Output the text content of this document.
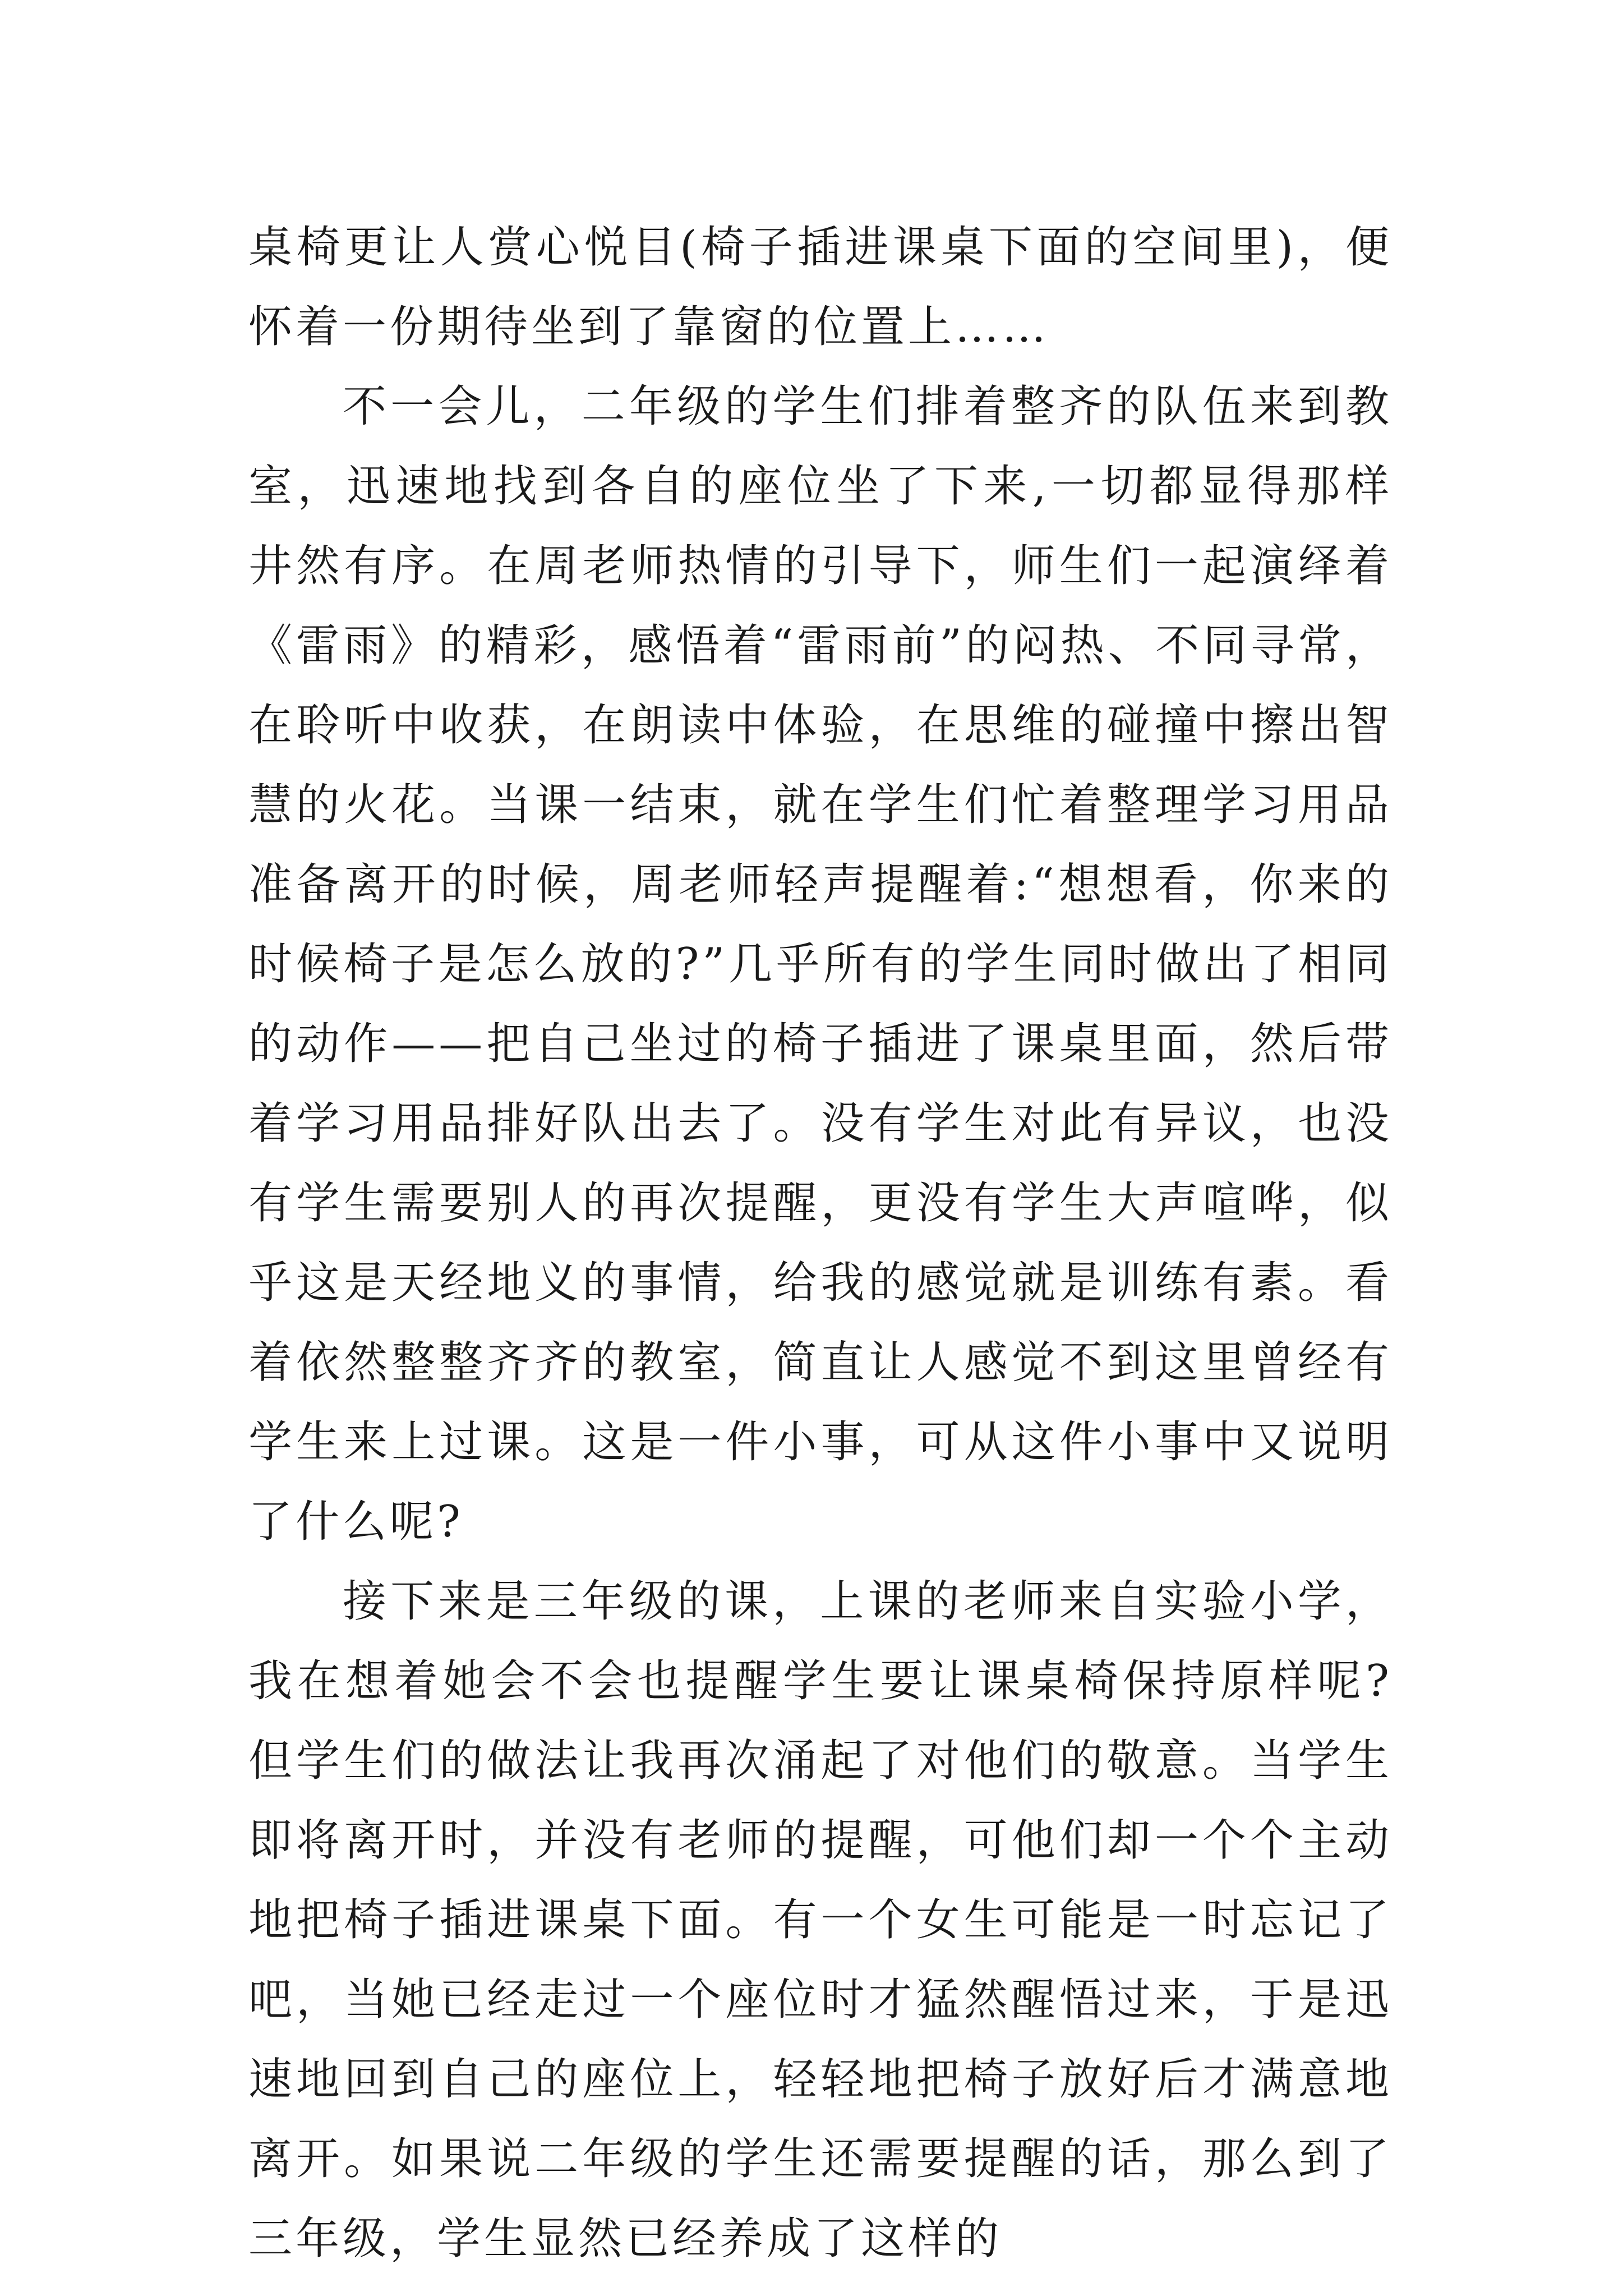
桌椅更让人赏心悦目(椅子插进课桌下面的空间里)，便怀着一份期待坐到了靠窗的位置上……

不一会儿，二年级的学生们排着整齐的队伍来到教室，迅速地找到各自的座位坐了下来,一切都显得那样井然有序。在周老师热情的引导下，师生们一起演绎着《雷雨》的精彩，感悟着“雷雨前”的闷热、不同寻常，在聆听中收获，在朗读中体验，在思维的碰撞中擦出智慧的火花。当课一结束，就在学生们忙着整理学习用品准备离开的时候，周老师轻声提醒着:“想想看，你来的时候椅子是怎么放的?”几乎所有的学生同时做出了相同的动作——把自己坐过的椅子插进了课桌里面，然后带着学习用品排好队出去了。没有学生对此有异议，也没有学生需要别人的再次提醒，更没有学生大声喧哗，似乎这是天经地义的事情，给我的感觉就是训练有素。看着依然整整齐齐的教室，简直让人感觉不到这里曾经有学生来上过课。这是一件小事，可从这件小事中又说明了什么呢?

接下来是三年级的课，上课的老师来自实验小学，我在想着她会不会也提醒学生要让课桌椅保持原样呢?但学生们的做法让我再次涌起了对他们的敬意。当学生即将离开时，并没有老师的提醒，可他们却一个个主动地把椅子插进课桌下面。有一个女生可能是一时忘记了吧，当她已经走过一个座位时才猛然醒悟过来，于是迅速地回到自己的座位上，轻轻地把椅子放好后才满意地离开。如果说二年级的学生还需要提醒的话，那么到了三年级，学生显然已经养成了这样的
